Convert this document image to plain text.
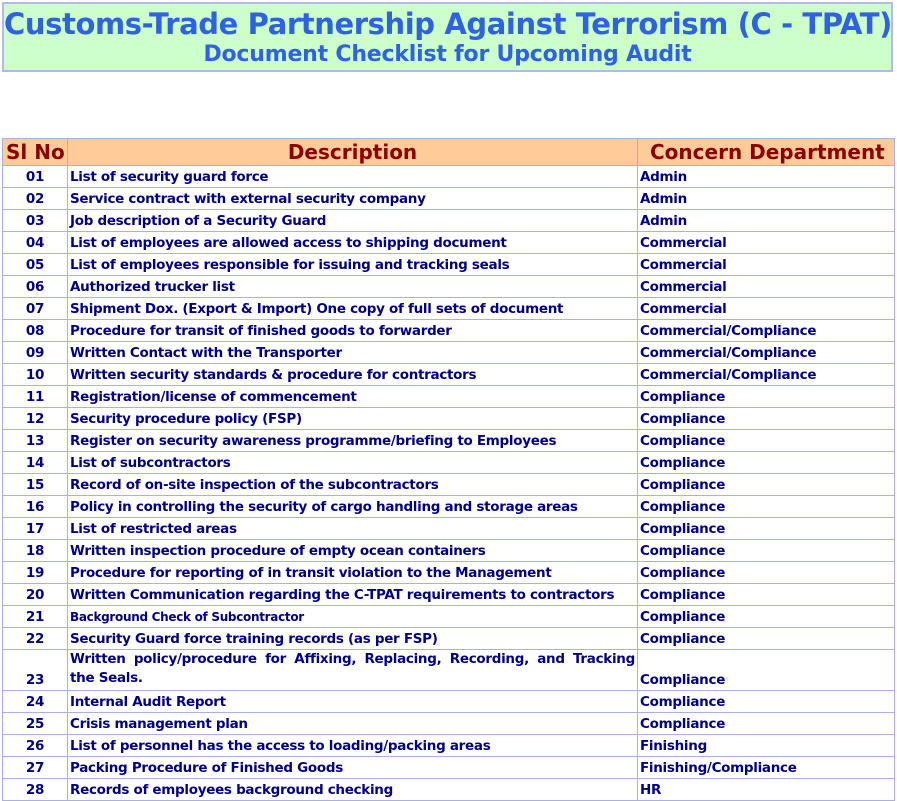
Customs-Trade Partnership Against Terrorism (C - TPAT)
Document Checklist for Upcoming Audit
Sl No	Description	Concern Department
01	List of security guard force	Admin
02	Service contract with external security company	Admin
03	Job description of a Security Guard	Admin
04	List of employees are allowed access to shipping document	Commercial
05	List of employees responsible for issuing and tracking seals	Commercial
06	Authorized trucker list	Commercial
07	Shipment Dox. (Export & Import) One copy of full sets of document	Commercial
08	Procedure for transit of finished goods to forwarder	Commercial/Compliance
09	Written Contact with the Transporter	Commercial/Compliance
10	Written security standards & procedure for contractors	Commercial/Compliance
11	Registration/license of commencement	Compliance
12	Security procedure policy (FSP)	Compliance
13	Register on security awareness programme/briefing to Employees	Compliance
14	List of subcontractors	Compliance
15	Record of on-site inspection of the subcontractors	Compliance
16	Policy in controlling the security of cargo handling and storage areas	Compliance
17	List of restricted areas	Compliance
18	Written inspection procedure of empty ocean containers	Compliance
19	Procedure for reporting of in transit violation to the Management	Compliance
20	Written Communication regarding the C-TPAT requirements to contractors	Compliance
21	Background Check of Subcontractor	Compliance
22	Security Guard force training records (as per FSP)	Compliance
23	Written policy/procedure for Affixing, Replacing, Recording, and Tracking the Seals.	Compliance
24	Internal Audit Report	Compliance
25	Crisis management plan	Compliance
26	List of personnel has the access to loading/packing areas	Finishing
27	Packing Procedure of Finished Goods	Finishing/Compliance
28	Records of employees background checking	HR
